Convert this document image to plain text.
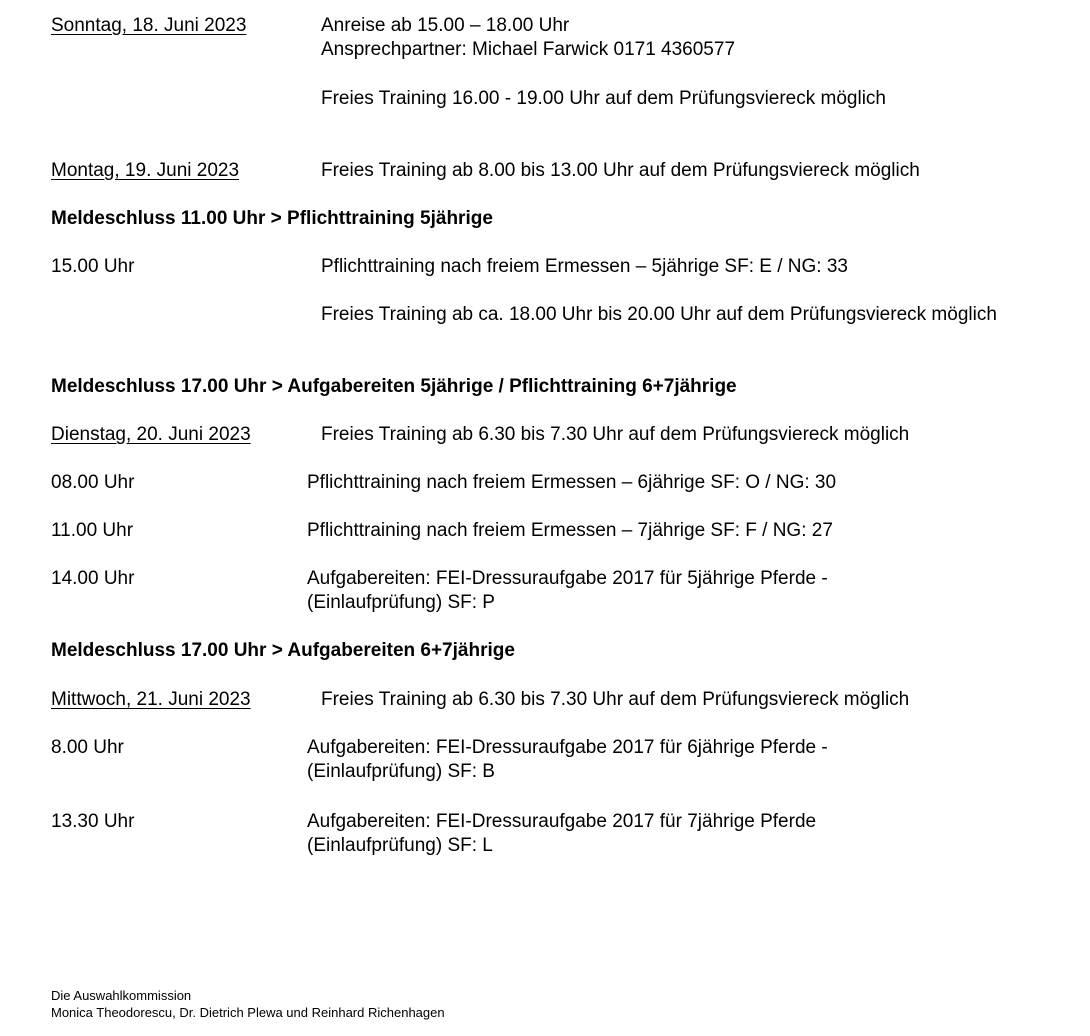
Sonntag, 18. Juni 2023	Anreise ab 15.00 – 18.00 Uhr
Ansprechpartner: Michael Farwick 0171 4360577
Freies Training 16.00 - 19.00 Uhr auf dem Prüfungsviereck möglich
Montag, 19. Juni 2023	Freies Training ab 8.00 bis 13.00 Uhr auf dem Prüfungsviereck möglich
Meldeschluss 11.00 Uhr > Pflichttraining 5jährige
15.00 Uhr	Pflichttraining nach freiem Ermessen – 5jährige SF: E / NG: 33
Freies Training ab ca. 18.00 Uhr bis 20.00 Uhr auf dem Prüfungsviereck möglich
Meldeschluss 17.00 Uhr > Aufgabereiten 5jährige / Pflichttraining 6+7jährige
Dienstag, 20. Juni 2023	Freies Training ab 6.30 bis 7.30 Uhr auf dem Prüfungsviereck möglich
08.00 Uhr	Pflichttraining nach freiem Ermessen – 6jährige SF: O / NG: 30
11.00 Uhr	Pflichttraining nach freiem Ermessen – 7jährige SF: F / NG: 27
14.00 Uhr	Aufgabereiten: FEI-Dressuraufgabe 2017 für 5jährige Pferde -
(Einlaufprüfung) SF: P
Meldeschluss 17.00 Uhr > Aufgabereiten 6+7jährige
Mittwoch, 21. Juni 2023	Freies Training ab 6.30 bis 7.30 Uhr auf dem Prüfungsviereck möglich
8.00 Uhr	Aufgabereiten: FEI-Dressuraufgabe 2017 für 6jährige Pferde -
(Einlaufprüfung) SF: B
13.30 Uhr	Aufgabereiten: FEI-Dressuraufgabe 2017 für 7jährige Pferde
(Einlaufprüfung) SF: L
Die Auswahlkommission
Monica Theodorescu, Dr. Dietrich Plewa und Reinhard Richenhagen
